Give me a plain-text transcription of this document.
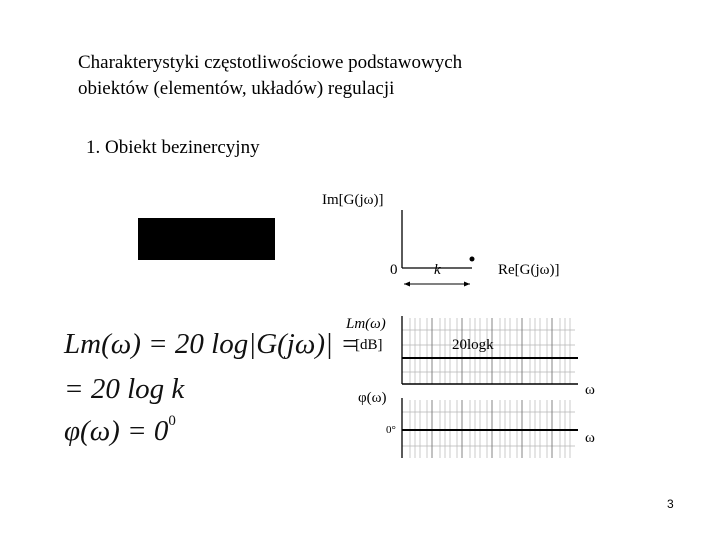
Charakterystyki częstotliwościowe podstawowych
obiektów (elementów, układów) regulacji
1. Obiekt bezinercyjny
Im[G(jω)]
0 k	Re[G(jω)]
Lm(ω)
[dB]	20logk
ω
φ(ω)
0°	ω
Lm(ω) = 20 log|G(jω)| =
= 20 log k
$\varphi(\omega) = 0^0$
3
